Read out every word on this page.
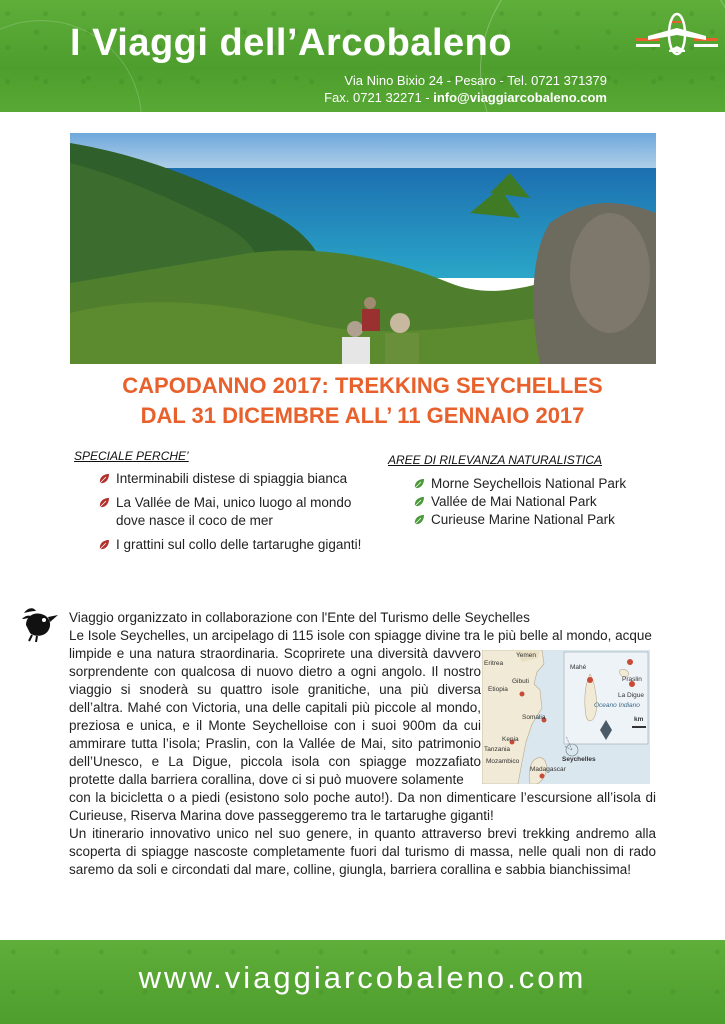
I Viaggi dell’Arcobaleno
Via Nino Bixio 24 - Pesaro - Tel. 0721 371379
Fax. 0721 32271 - info@viaggiarcobaleno.com
CAPODANNO 2017: TREKKING SEYCHELLES
DAL 31 DICEMBRE ALL’ 11 GENNAIO 2017
SPECIALE PERCHE’
Interminabili distese di spiaggia bianca
La Vallée de Mai, unico luogo al mondo dove nasce il coco de mer
I grattini sul collo delle tartarughe giganti!
AREE DI RILEVANZA NATURALISTICA
Morne Seychellois National Park
Vallée de Mai National Park
Curieuse Marine National Park

Viaggio organizzato in collaborazione con l'Ente del Turismo delle Seychelles

Le Isole Seychelles, un arcipelago di 115 isole con spiagge divine tra le più belle al mondo, acque

limpide e una natura straordinaria. Scoprirete una diversità davvero sorprendente con qualcosa di nuovo dietro a ogni angolo. Il nostro viaggio si snoderà su quattro isole granitiche, una più diversa dell’altra. Mahé con Victoria, una delle capitali più piccole al mondo, preziosa e unica, e il Monte Seychelloise con i suoi 900m da cui ammirare tutta l’isola; Praslin, con la Vallée de Mai, sito patrimonio dell’Unesco, e La Digue, piccola isola con spiagge mozzafiato protette dalla barriera corallina, dove ci si può muovere solamente

con la bicicletta o a piedi (esistono solo poche auto!). Da non dimenticare l’escursione all’isola di Curieuse, Riserva Marina dove passeggeremo tra le tartarughe giganti!

Un itinerario innovativo unico nel suo genere, in quanto attraverso brevi trekking andremo alla scoperta di spiagge nascoste completamente fuori dal turismo di massa, nelle quali non di rado saremo da soli e circondati dal mare, colline, giungla, barriera corallina e sabbia bianchissima!

Yemen
Eritrea
Gibuti
Etiopia
Somalia
Kenia
Tanzania
Mozambico
Madagascar
Seychelles
Mahé
Praslin
La Digue
Oceano Indiano
km
www.viaggiarcobaleno.com
